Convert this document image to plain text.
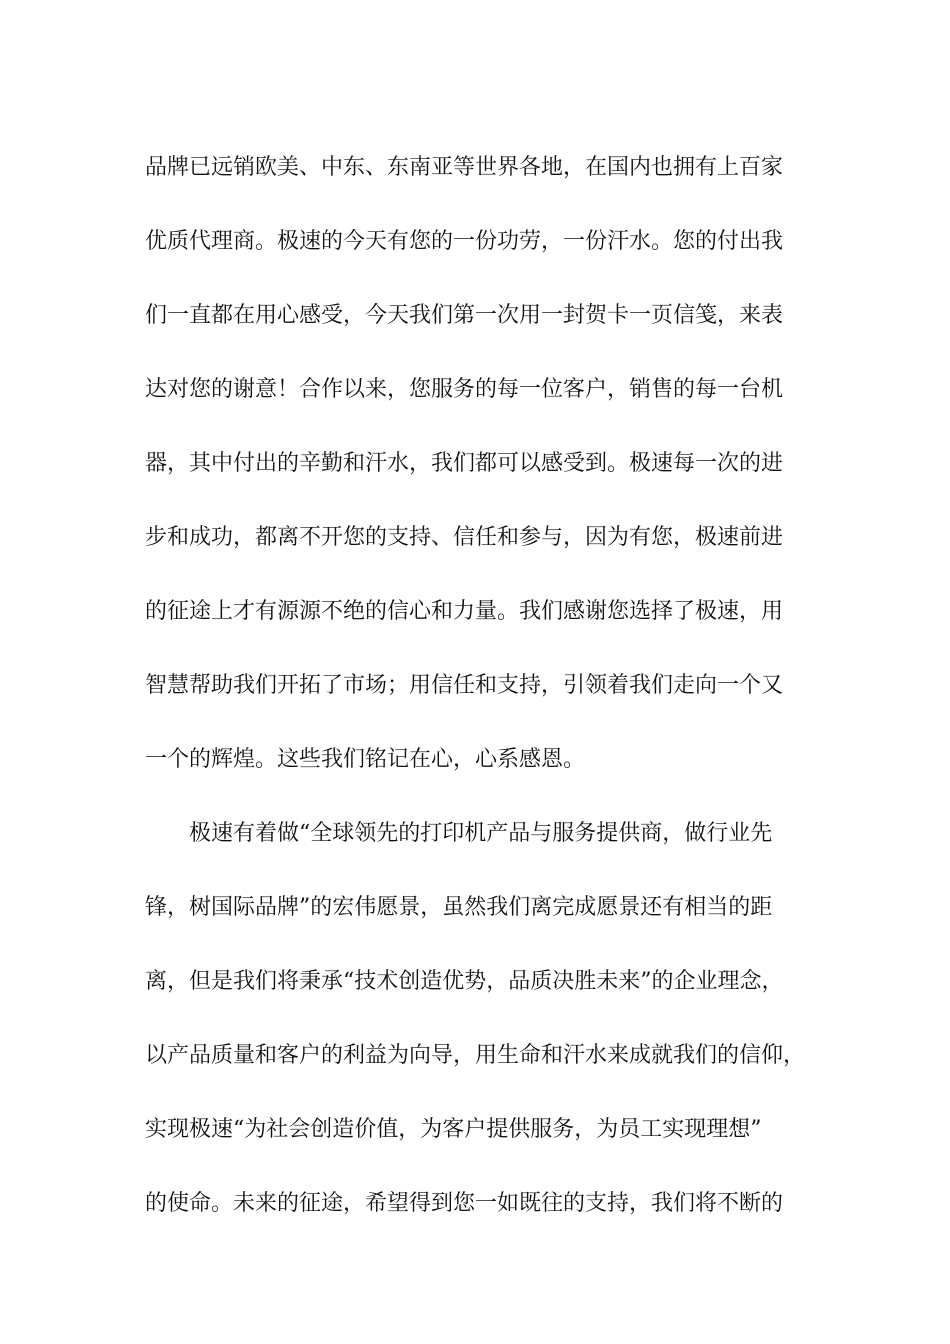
品牌已远销欧美、中东、东南亚等世界各地，在国内也拥有上百家
优质代理商。极速的今天有您的一份功劳，一份汗水。您的付出我
们一直都在用心感受，今天我们第一次用一封贺卡一页信笺，来表
达对您的谢意！合作以来，您服务的每一位客户，销售的每一台机
器，其中付出的辛勤和汗水，我们都可以感受到。极速每一次的进
步和成功，都离不开您的支持、信任和参与，因为有您，极速前进
的征途上才有源源不绝的信心和力量。我们感谢您选择了极速，用
智慧帮助我们开拓了市场；用信任和支持，引领着我们走向一个又
一个的辉煌。这些我们铭记在心，心系感恩。
极速有着做“全球领先的打印机产品与服务提供商，做行业先
锋，树国际品牌”的宏伟愿景，虽然我们离完成愿景还有相当的距
离，但是我们将秉承“技术创造优势，品质决胜未来”的企业理念，
以产品质量和客户的利益为向导，用生命和汗水来成就我们的信仰，
实现极速“为社会创造价值，为客户提供服务，为员工实现理想”
的使命。未来的征途，希望得到您一如既往的支持，我们将不断的
